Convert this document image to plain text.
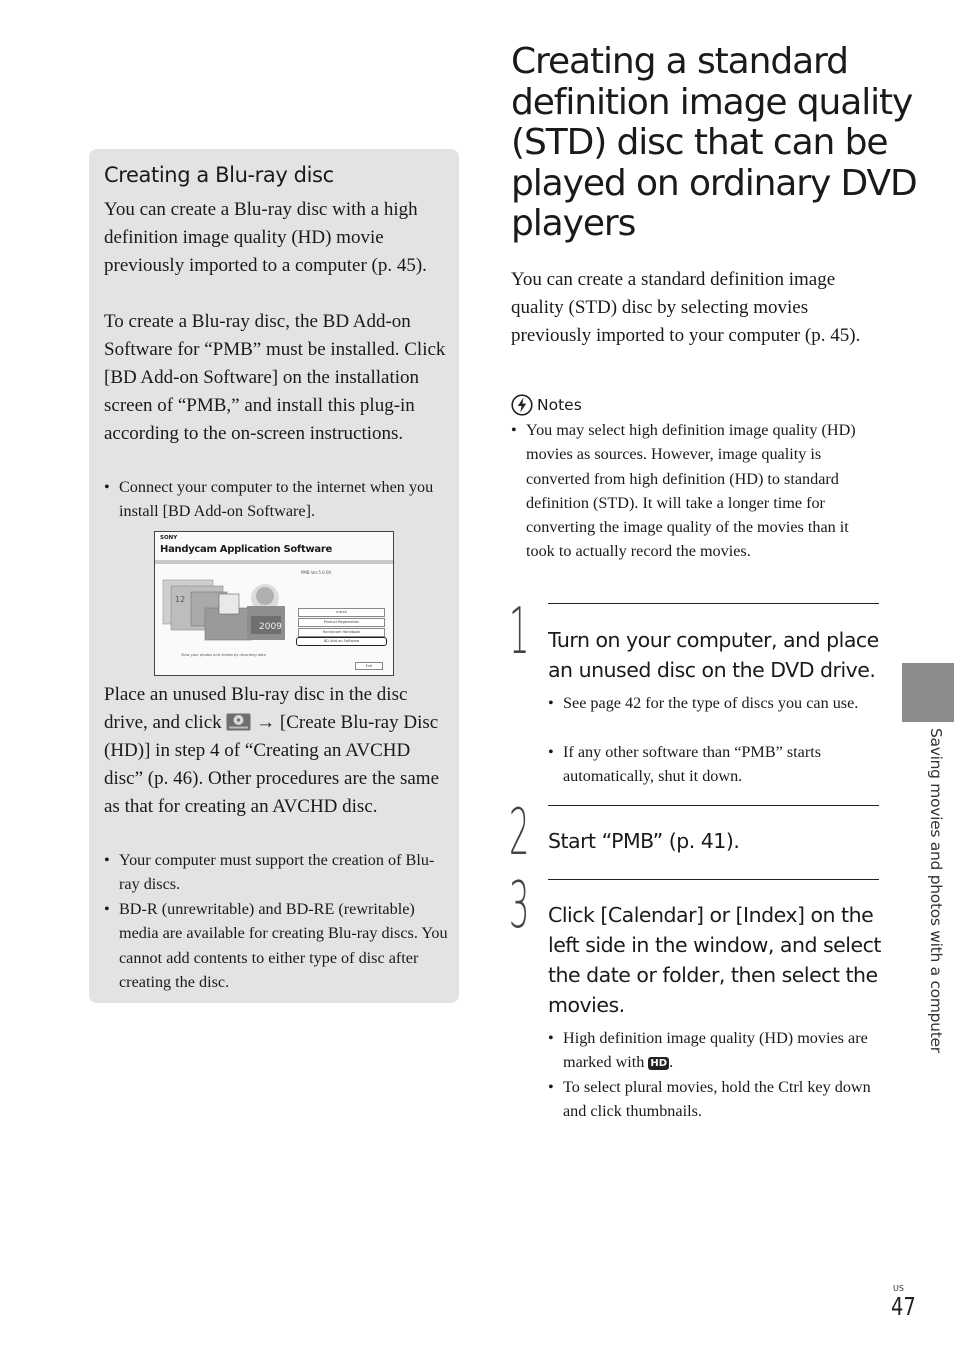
Creating a Blu-ray disc
You can create a Blu-ray disc with a high definition image quality (HD) movie previously imported to a computer (p. 45).
To create a Blu-ray disc, the BD Add-on Software for “PMB” must be installed. Click [BD Add-on Software] on the installation screen of “PMB,” and install this plug-in according to the on-screen instructions.
• Connect your computer to the internet when you install [BD Add-on Software].
SONY
Handycam Application Software
PMB Ver.5.0.00
12
2009
Install
Product Registration
Handycam Handbook
BD Add-on Software
View your photos and videos by recording date
Exit
Place an unused Blu-ray disc in the disc drive, and click  → [Create Blu-ray Disc (HD)] in step 4 of “Creating an AVCHD disc” (p. 46). Other procedures are the same as that for creating an AVCHD disc.
• Your computer must support the creation of Blu-ray discs.
• BD-R (unrewritable) and BD-RE (rewritable) media are available for creating Blu-ray discs. You cannot add contents to either type of disc after creating the disc.
Creating a standard definition image quality (STD) disc that can be played on ordinary DVD players
You can create a standard definition image quality (STD) disc by selecting movies previously imported to your computer (p. 45).
Notes
• You may select high definition image quality (HD) movies as sources. However, image quality is converted from high definition (HD) to standard definition (STD). It will take a longer time for converting the image quality of the movies than it took to actually record the movies.
1 Turn on your computer, and place an unused disc on the DVD drive.
• See page 42 for the type of discs you can use.
• If any other software than “PMB” starts automatically, shut it down.
2 Start “PMB” (p. 41).
3 Click [Calendar] or [Index] on the left side in the window, and select the date or folder, then select the movies.
• High definition image quality (HD) movies are marked with HD .
• To select plural movies, hold the Ctrl key down and click thumbnails.
Saving movies and photos with a computer
US
47
